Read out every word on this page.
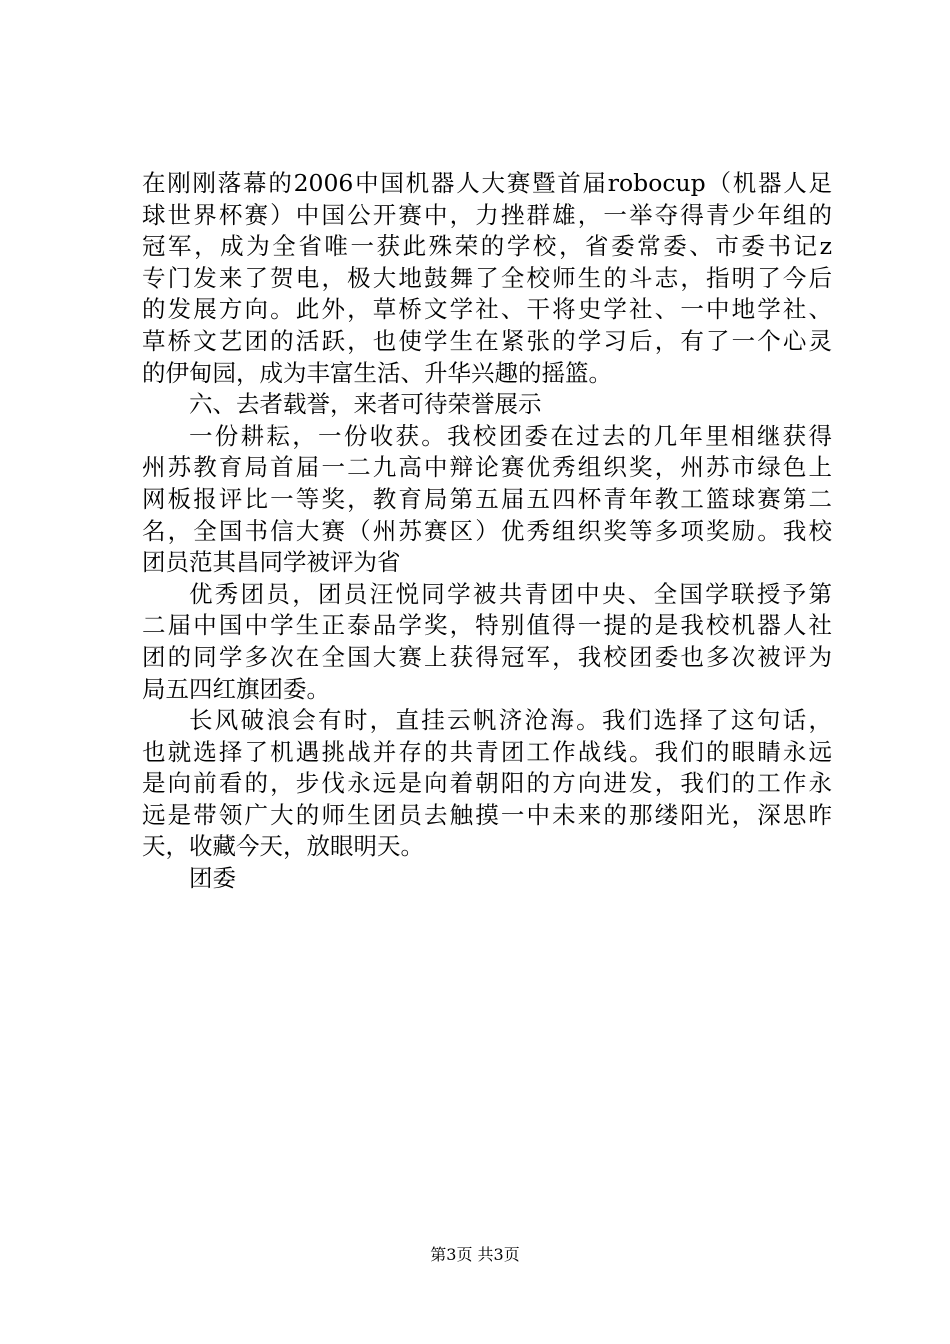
在刚刚落幕的2006中国机器人大赛暨首届robocup（机器人足
球世界杯赛）中国公开赛中，力挫群雄，一举夺得青少年组的
冠军，成为全省唯一获此殊荣的学校，省委常委、市委书记z
专门发来了贺电，极大地鼓舞了全校师生的斗志，指明了今后
的发展方向。此外，草桥文学社、干将史学社、一中地学社、
草桥文艺团的活跃，也使学生在紧张的学习后，有了一个心灵
的伊甸园，成为丰富生活、升华兴趣的摇篮。
六、去者载誉，来者可待荣誉展示
一份耕耘，一份收获。我校团委在过去的几年里相继获得
州苏教育局首届一二九高中辩论赛优秀组织奖，州苏市绿色上
网板报评比一等奖，教育局第五届五四杯青年教工篮球赛第二
名，全国书信大赛（州苏赛区）优秀组织奖等多项奖励。我校
团员范其昌同学被评为省
优秀团员，团员汪悦同学被共青团中央、全国学联授予第
二届中国中学生正泰品学奖，特别值得一提的是我校机器人社
团的同学多次在全国大赛上获得冠军，我校团委也多次被评为
局五四红旗团委。
长风破浪会有时，直挂云帆济沧海。我们选择了这句话，
也就选择了机遇挑战并存的共青团工作战线。我们的眼睛永远
是向前看的，步伐永远是向着朝阳的方向进发，我们的工作永
远是带领广大的师生团员去触摸一中未来的那缕阳光，深思昨
天，收藏今天，放眼明天。
团委
第3页 共3页
